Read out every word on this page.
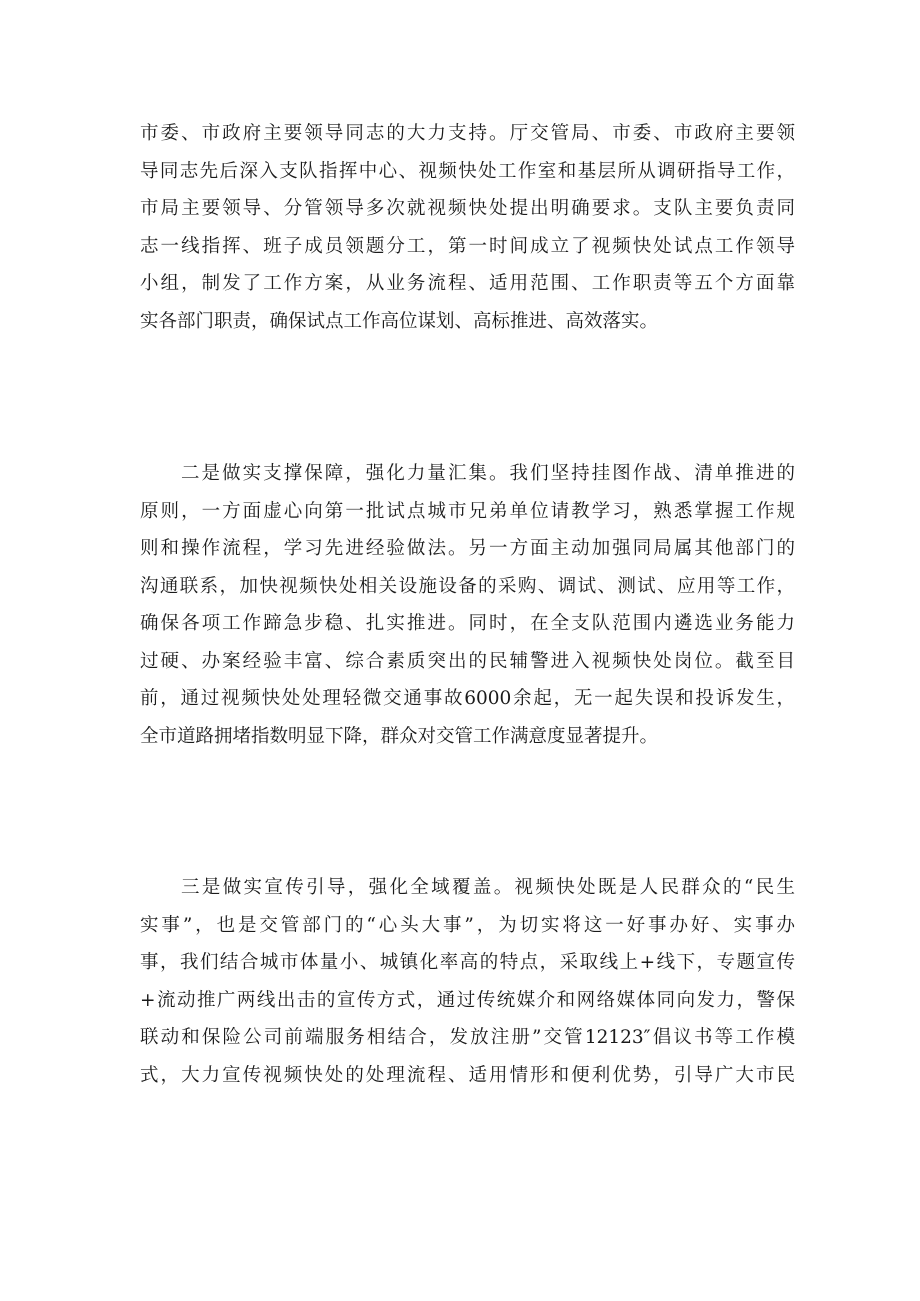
市委、市政府主要领导同志的大力支持。厅交管局、市委、市政府主要领
导同志先后深入支队指挥中心、视频快处工作室和基层所从调研指导工作，
市局主要领导、分管领导多次就视频快处提出明确要求。支队主要负责同
志一线指挥、班子成员领题分工，第一时间成立了视频快处试点工作领导
小组，制发了工作方案，从业务流程、适用范围、工作职责等五个方面靠
实各部门职责，确保试点工作高位谋划、高标推进、高效落实。
二是做实支撑保障，强化力量汇集。我们坚持挂图作战、清单推进的
原则，一方面虚心向第一批试点城市兄弟单位请教学习，熟悉掌握工作规
则和操作流程，学习先进经验做法。另一方面主动加强同局属其他部门的
沟通联系，加快视频快处相关设施设备的采购、调试、测试、应用等工作，
确保各项工作蹄急步稳、扎实推进。同时，在全支队范围内遴选业务能力
过硬、办案经验丰富、综合素质突出的民辅警进入视频快处岗位。截至目
前，通过视频快处处理轻微交通事故6000余起，无一起失误和投诉发生，
全市道路拥堵指数明显下降，群众对交管工作满意度显著提升。
三是做实宣传引导，强化全域覆盖。视频快处既是人民群众的“民生
实事”，也是交管部门的“心头大事”，为切实将这一好事办好、实事办
事，我们结合城市体量小、城镇化率高的特点，采取线上+线下，专题宣传
+流动推广两线出击的宣传方式，通过传统媒介和网络媒体同向发力，警保
联动和保险公司前端服务相结合，发放注册”交管12123″倡议书等工作模
式，大力宣传视频快处的处理流程、适用情形和便利优势，引导广大市民
